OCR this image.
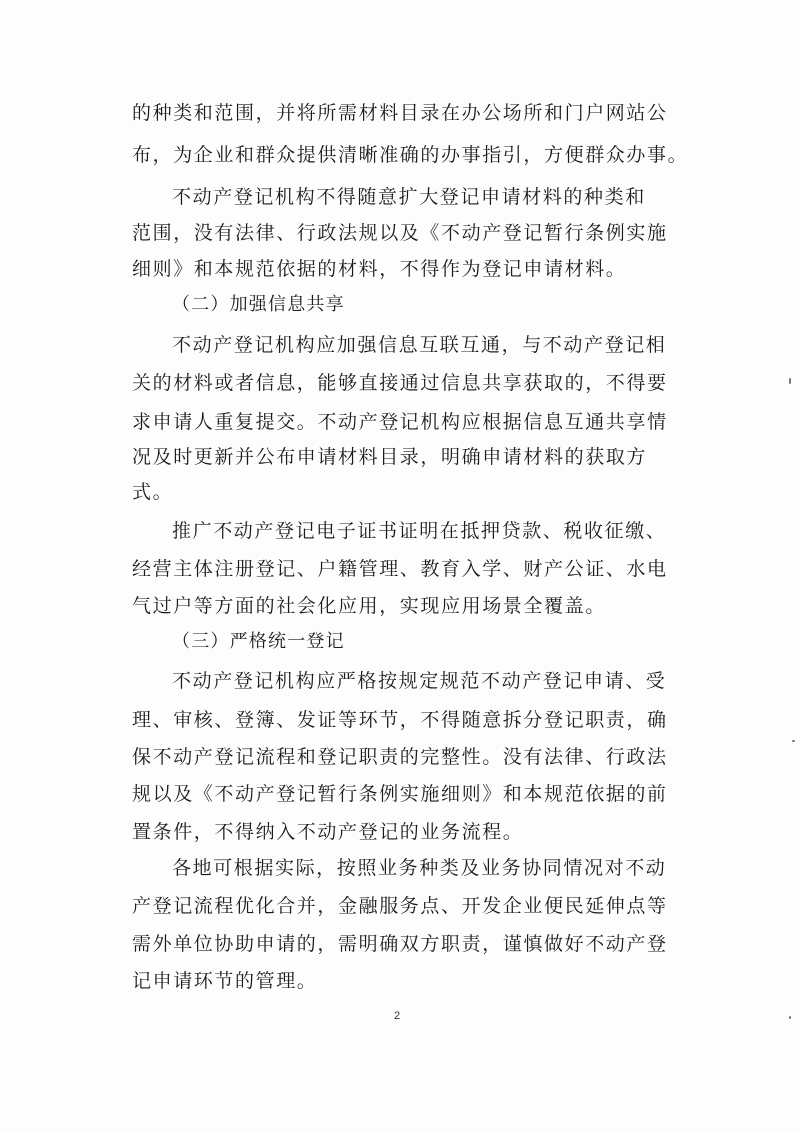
的种类和范围，并将所需材料目录在办公场所和门户网站公
布，为企业和群众提供清晰准确的办事指引，方便群众办事。
不动产登记机构不得随意扩大登记申请材料的种类和
范围，没有法律、行政法规以及《不动产登记暂行条例实施
细则》和本规范依据的材料，不得作为登记申请材料。
（二）加强信息共享
不动产登记机构应加强信息互联互通，与不动产登记相
关的材料或者信息，能够直接通过信息共享获取的，不得要
求申请人重复提交。不动产登记机构应根据信息互通共享情
况及时更新并公布申请材料目录，明确申请材料的获取方
式。
推广不动产登记电子证书证明在抵押贷款、税收征缴、
经营主体注册登记、户籍管理、教育入学、财产公证、水电
气过户等方面的社会化应用，实现应用场景全覆盖。
（三）严格统一登记
不动产登记机构应严格按规定规范不动产登记申请、受
理、审核、登簿、发证等环节，不得随意拆分登记职责，确
保不动产登记流程和登记职责的完整性。没有法律、行政法
规以及《不动产登记暂行条例实施细则》和本规范依据的前
置条件，不得纳入不动产登记的业务流程。
各地可根据实际，按照业务种类及业务协同情况对不动
产登记流程优化合并，金融服务点、开发企业便民延伸点等
需外单位协助申请的，需明确双方职责，谨慎做好不动产登
记申请环节的管理。
2
